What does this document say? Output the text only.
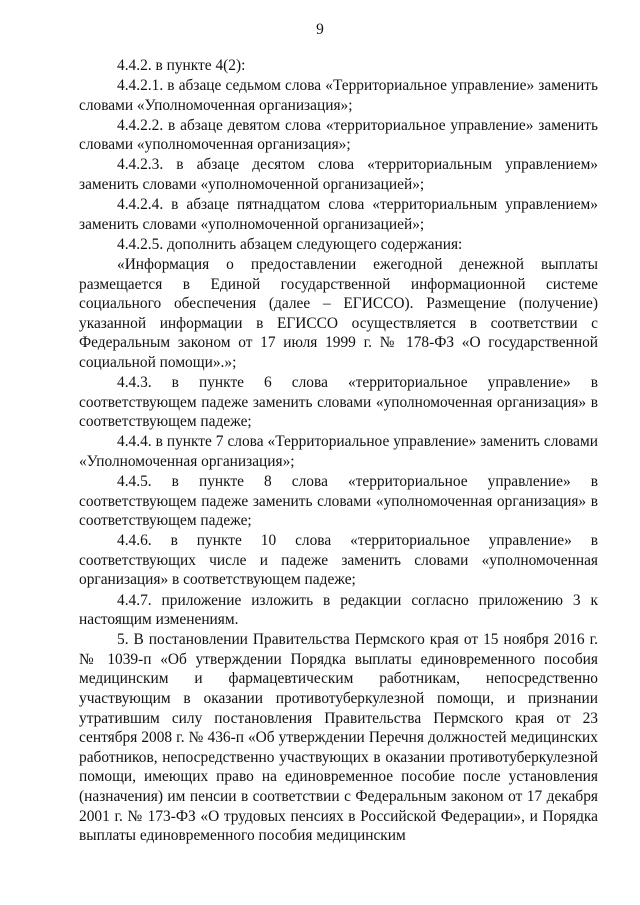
9

4.4.2. в пункте 4(2):

4.4.2.1. в абзаце седьмом слова «Территориальное управление» заменить словами «Уполномоченная организация»;

4.4.2.2. в абзаце девятом слова «территориальное управление» заменить словами «уполномоченная организация»;

4.4.2.3. в абзаце десятом слова «территориальным управлением» заменить словами «уполномоченной организацией»;

4.4.2.4. в абзаце пятнадцатом слова «территориальным управлением» заменить словами «уполномоченной организацией»;

4.4.2.5. дополнить абзацем следующего содержания:

«Информация о предоставлении ежегодной денежной выплаты размещается в Единой государственной информационной системе социального обеспечения (далее – ЕГИССО). Размещение (получение) указанной информации в ЕГИССО осуществляется в соответствии с Федеральным законом от 17 июля 1999 г. № 178-ФЗ «О государственной социальной помощи».»;

4.4.3. в пункте 6 слова «территориальное управление» в соответствующем падеже заменить словами «уполномоченная организация» в соответствующем падеже;

4.4.4. в пункте 7 слова «Территориальное управление» заменить словами «Уполномоченная организация»;

4.4.5. в пункте 8 слова «территориальное управление» в соответствующем падеже заменить словами «уполномоченная организация» в соответствующем падеже;

4.4.6. в пункте 10 слова «территориальное управление» в соответствующих числе и падеже заменить словами «уполномоченная организация» в соответствующем падеже;

4.4.7. приложение изложить в редакции согласно приложению 3 к настоящим изменениям.

5. В постановлении Правительства Пермского края от 15 ноября 2016 г. № 1039-п «Об утверждении Порядка выплаты единовременного пособия медицинским и фармацевтическим работникам, непосредственно участвующим в оказании противотуберкулезной помощи, и признании утратившим силу постановления Правительства Пермского края от 23 сентября 2008 г. № 436-п «Об утверждении Перечня должностей медицинских работников, непосредственно участвующих в оказании противотуберкулезной помощи, имеющих право на единовременное пособие после установления (назначения) им пенсии в соответствии с Федеральным законом от 17 декабря 2001 г. № 173-ФЗ «О трудовых пенсиях в Российской Федерации», и Порядка выплаты единовременного пособия медицинским
